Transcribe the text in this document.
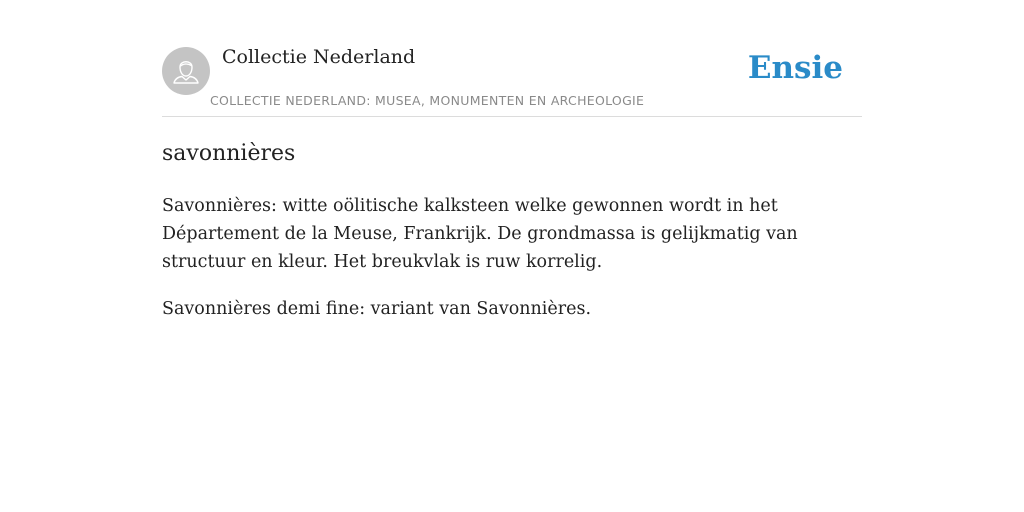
Collectie Nederland
COLLECTIE NEDERLAND: MUSEA, MONUMENTEN EN ARCHEOLOGIE
Ensie
savonnières

Savonnières: witte oölitische kalksteen welke gewonnen wordt in het Département de la Meuse, Frankrijk. De grondmassa is gelijkmatig van structuur en kleur. Het breukvlak is ruw korrelig.

Savonnières demi fine: variant van Savonnières.
